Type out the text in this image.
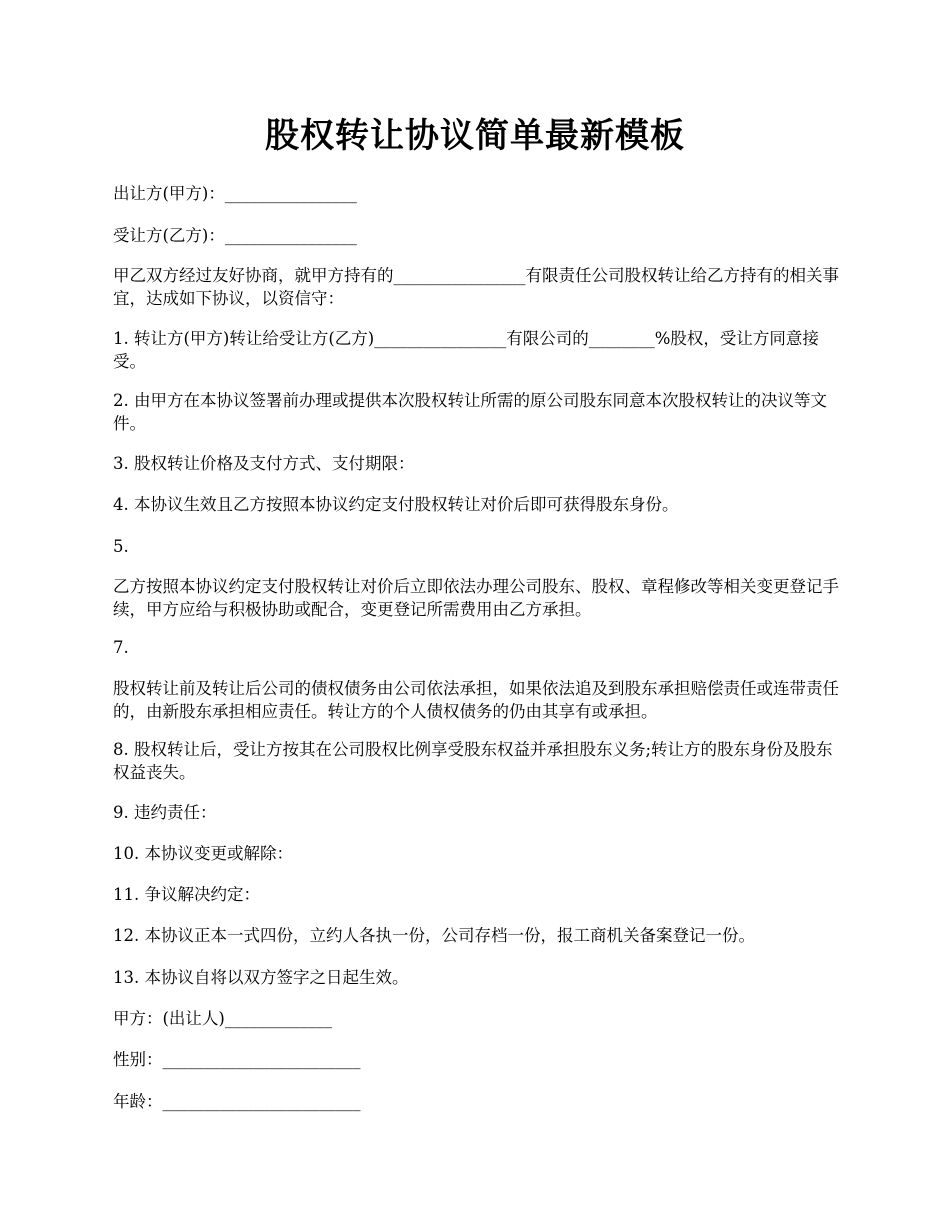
股权转让协议简单最新模板

出让方(甲方)：________________

受让方(乙方)：________________

甲乙双方经过友好协商，就甲方持有的________________有限责任公司股权转让给乙方持有的相关事宜，达成如下协议，以资信守：

1. 转让方(甲方)转让给受让方(乙方)________________有限公司的________%股权，受让方同意接受。

2. 由甲方在本协议签署前办理或提供本次股权转让所需的原公司股东同意本次股权转让的决议等文件。

3. 股权转让价格及支付方式、支付期限：

4. 本协议生效且乙方按照本协议约定支付股权转让对价后即可获得股东身份。

5.

乙方按照本协议约定支付股权转让对价后立即依法办理公司股东、股权、章程修改等相关变更登记手续，甲方应给与积极协助或配合，变更登记所需费用由乙方承担。

7.

股权转让前及转让后公司的债权债务由公司依法承担，如果依法追及到股东承担赔偿责任或连带责任的，由新股东承担相应责任。转让方的个人债权债务的仍由其享有或承担。

8. 股权转让后，受让方按其在公司股权比例享受股东权益并承担股东义务;转让方的股东身份及股东权益丧失。

9. 违约责任：

10. 本协议变更或解除：

11. 争议解决约定：

12. 本协议正本一式四份，立约人各执一份，公司存档一份，报工商机关备案登记一份。

13. 本协议自将以双方签字之日起生效。

甲方：(出让人)_____________

性别：________________________

年龄：________________________
